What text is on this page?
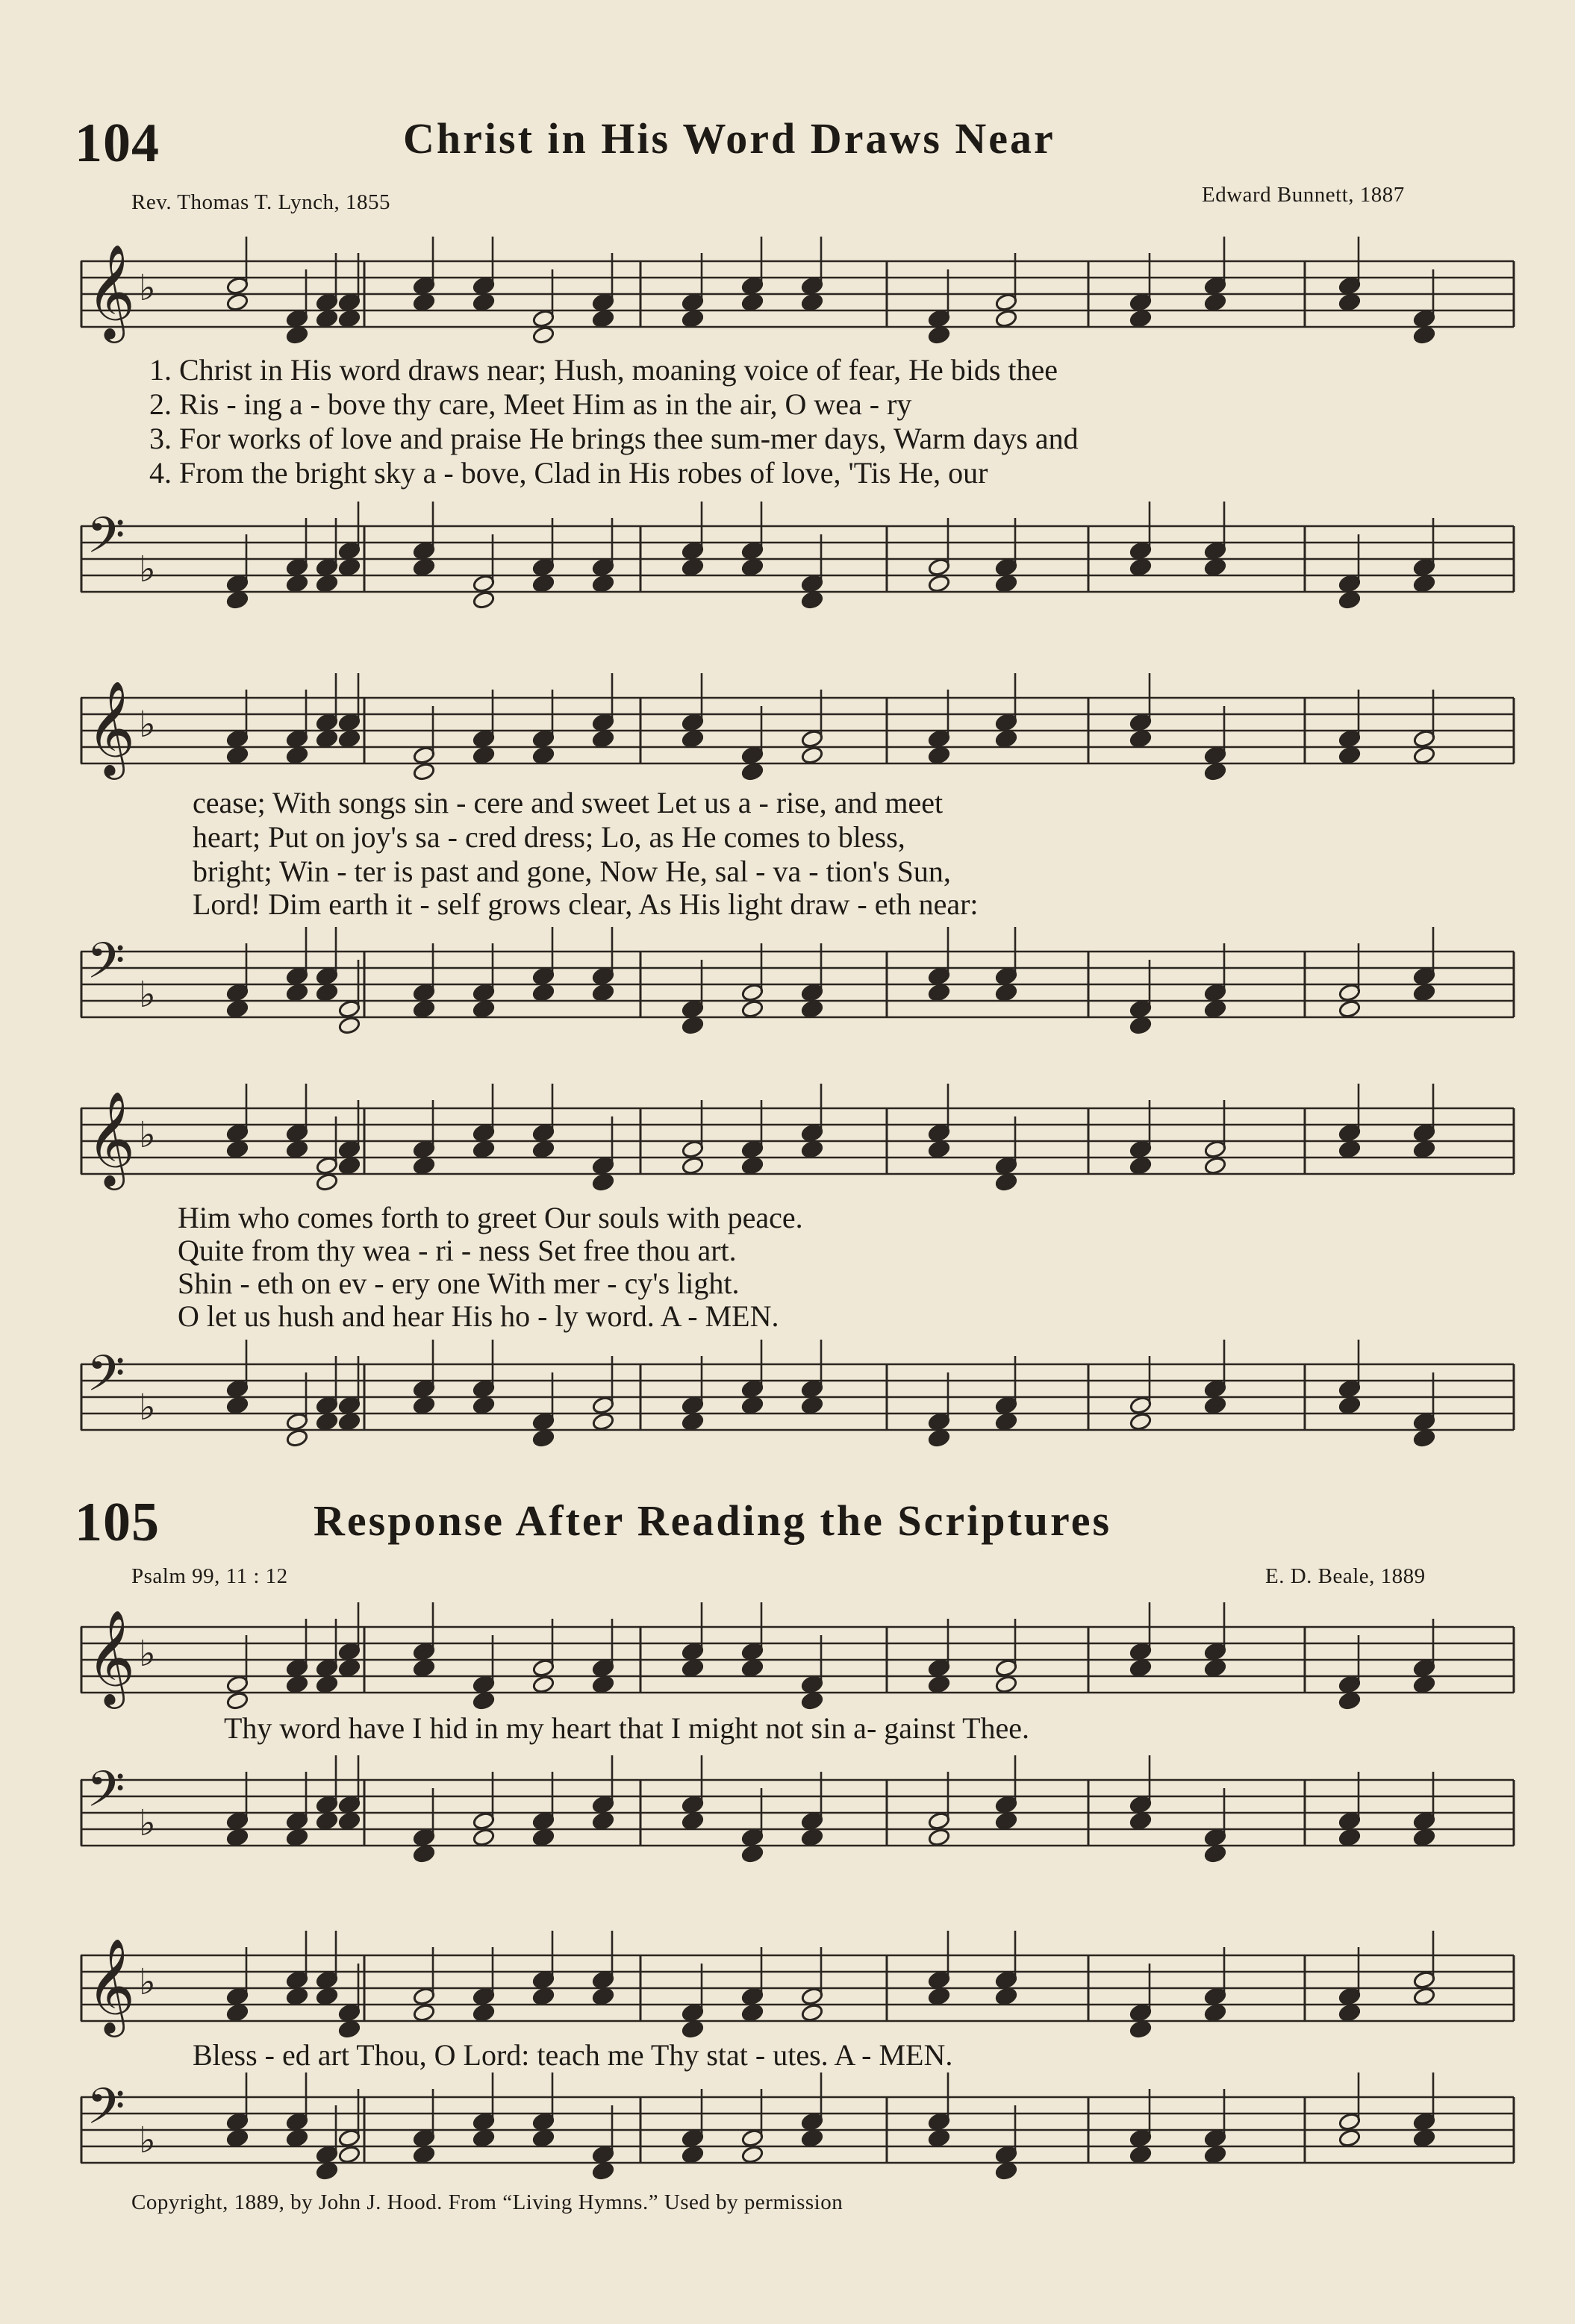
104	Christ in His Word Draws Near
Rev. Thomas T. Lynch, 1855	Edward Bunnett, 1887
𝄞 ♭
1. Christ in His word draws near; Hush, moaning voice of fear, He bids thee
2. Ris - ing a - bove thy care, Meet Him as in the air, O wea - ry
3. For works of love and praise He brings thee sum-mer days, Warm days and
4. From the bright sky a - bove, Clad in His robes of love, 'Tis He, our
𝄢 ♭
𝄞 ♭
cease; With songs sin - cere and sweet Let us a - rise, and meet
heart; Put on joy's sa - cred dress; Lo, as He comes to bless,
bright; Win - ter is past and gone, Now He, sal - va - tion's Sun,
Lord! Dim earth it - self grows clear, As His light draw - eth near:
𝄢 ♭
𝄞 ♭
Him who comes forth to greet Our souls with peace.
Quite from thy wea - ri - ness Set free thou art.
Shin - eth on ev - ery one With mer - cy's light.
O let us hush and hear His ho - ly word. A - MEN.
𝄢 ♭
105	Response After Reading the Scriptures
Psalm 99, 11 : 12	E. D. Beale, 1889
𝄞 ♭
Thy word have I hid in my heart that I might not sin a- gainst Thee.
𝄢 ♭
𝄞 ♭
Bless - ed art Thou, O Lord: teach me Thy stat - utes. A - MEN.
𝄢 ♭
Copyright, 1889, by John J. Hood. From “Living Hymns.” Used by permission
